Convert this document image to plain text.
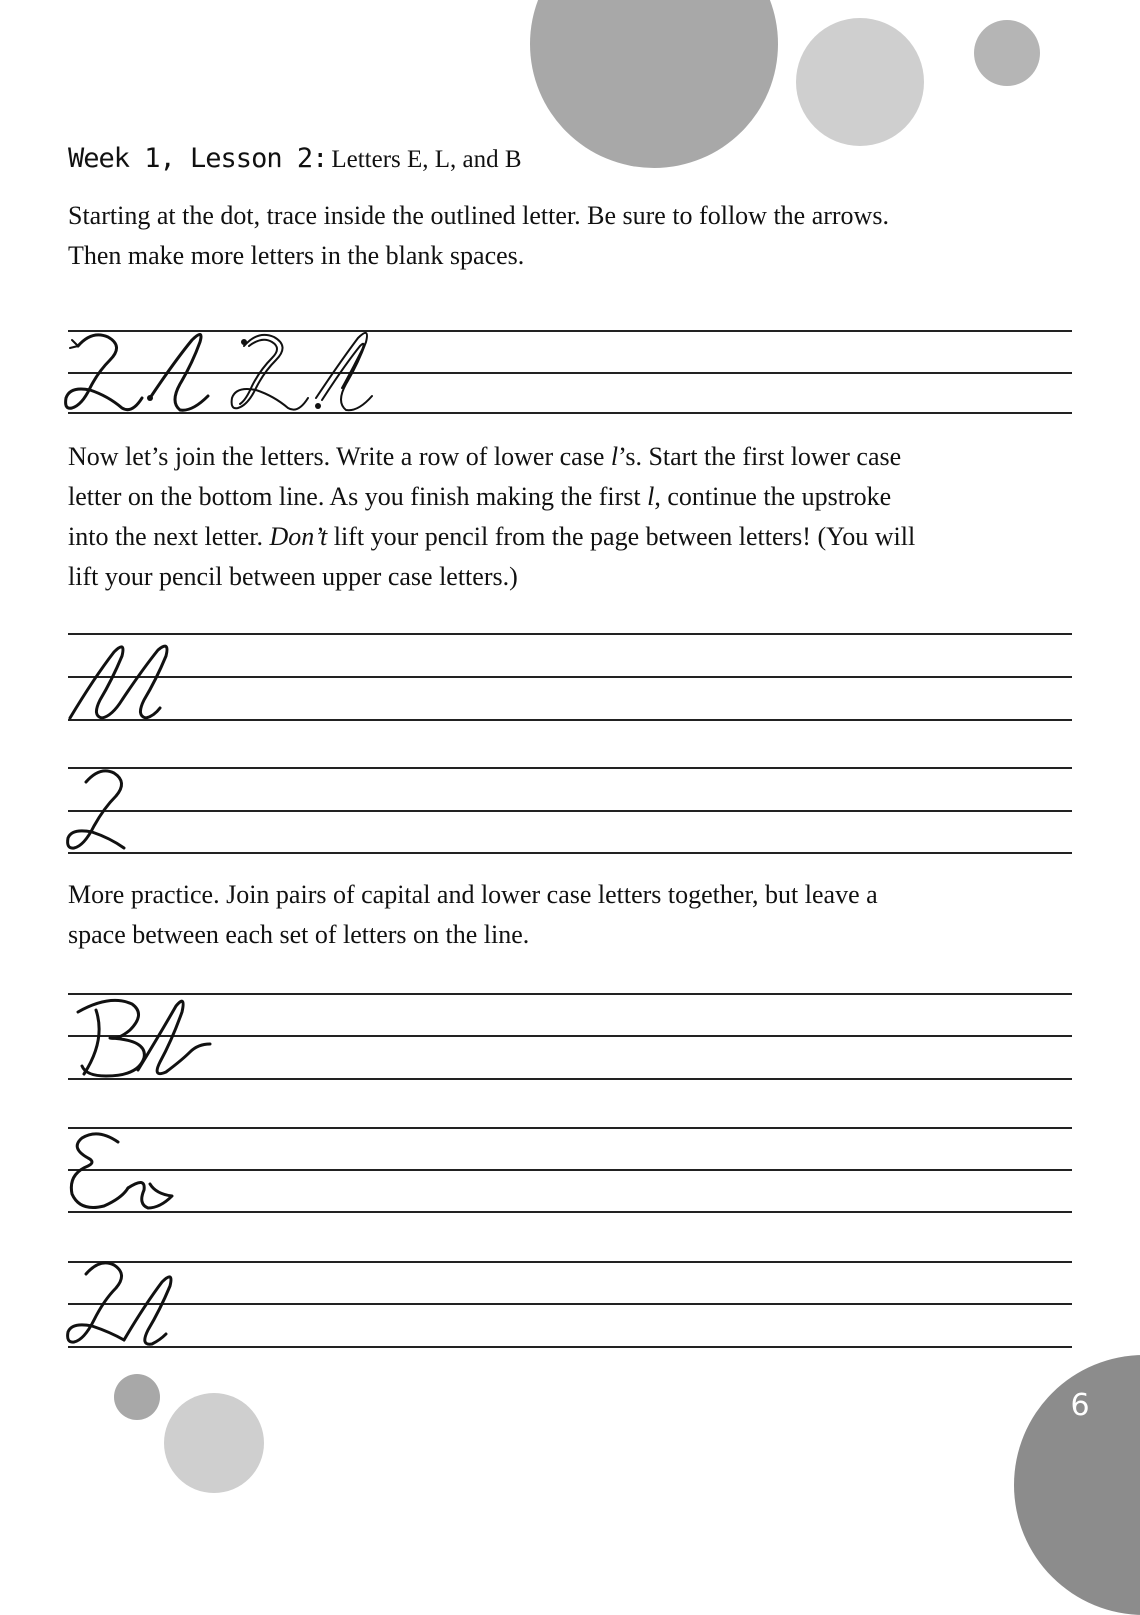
6
Week 1, Lesson 2: Letters E, L, and B
Starting at the dot, trace inside the outlined letter. Be sure to follow the arrows.
Then make more letters in the blank spaces.
Now let’s join the letters. Write a row of lower case l’s. Start the first lower case
letter on the bottom line. As you finish making the first l, continue the upstroke
into the next letter. Don’t lift your pencil from the page between letters! (You will
lift your pencil between upper case letters.)
More practice. Join pairs of capital and lower case letters together, but leave a
space between each set of letters on the line.
